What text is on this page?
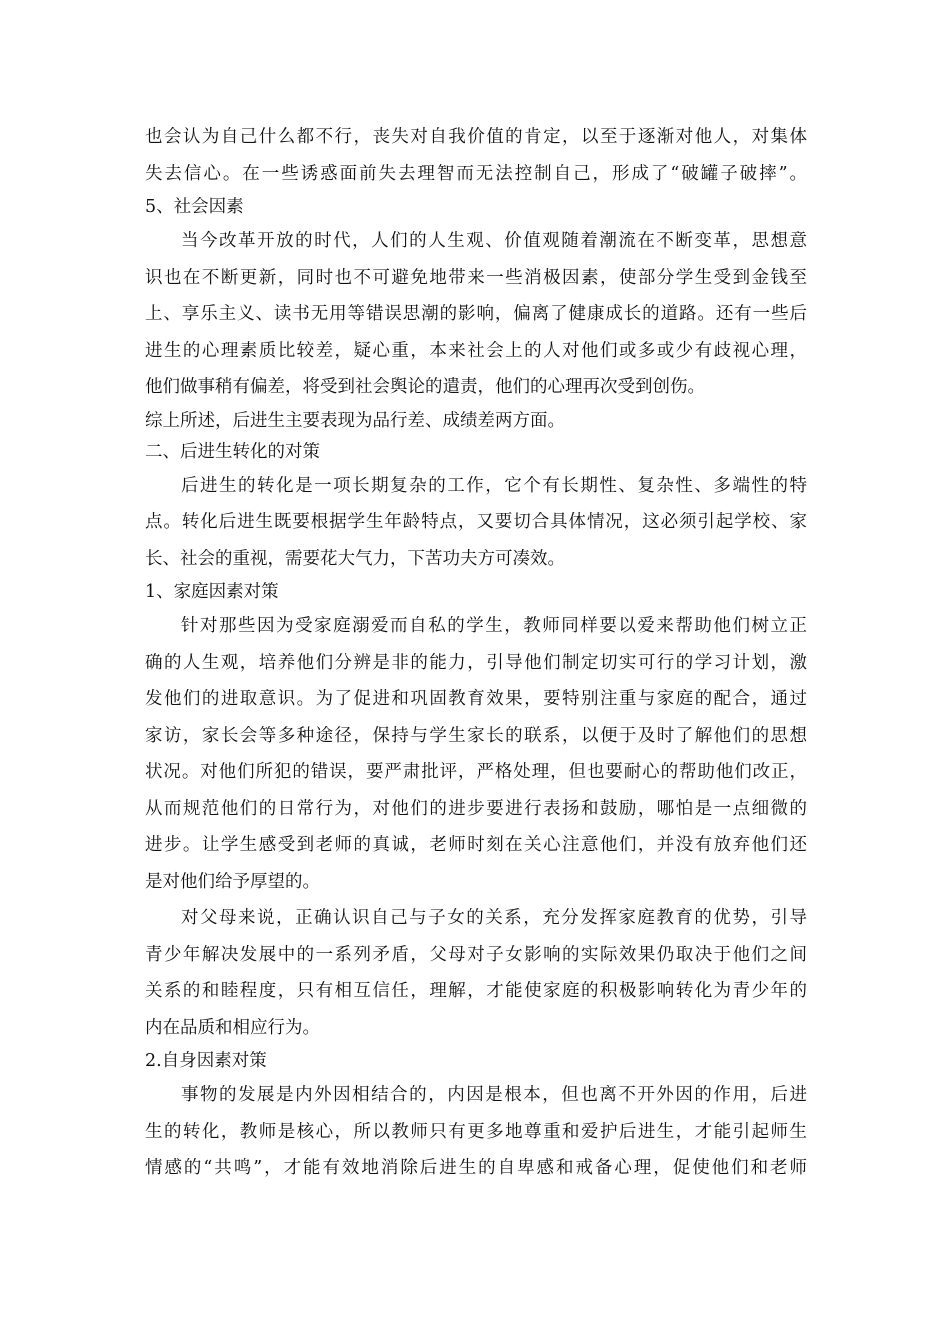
也会认为自己什么都不行，丧失对自我价值的肯定，以至于逐渐对他人，对集体
失去信心。在一些诱惑面前失去理智而无法控制自己，形成了“破罐子破摔”。
5、社会因素
当今改革开放的时代，人们的人生观、价值观随着潮流在不断变革，思想意
识也在不断更新，同时也不可避免地带来一些消极因素，使部分学生受到金钱至
上、享乐主义、读书无用等错误思潮的影响，偏离了健康成长的道路。还有一些后
进生的心理素质比较差，疑心重，本来社会上的人对他们或多或少有歧视心理，
他们做事稍有偏差，将受到社会舆论的遣责，他们的心理再次受到创伤。
综上所述，后进生主要表现为品行差、成绩差两方面。
二、后进生转化的对策
后进生的转化是一项长期复杂的工作，它个有长期性、复杂性、多端性的特
点。转化后进生既要根据学生年龄特点，又要切合具体情况，这必须引起学校、家
长、社会的重视，需要花大气力，下苦功夫方可凑效。
1、家庭因素对策
针对那些因为受家庭溺爱而自私的学生，教师同样要以爱来帮助他们树立正
确的人生观，培养他们分辨是非的能力，引导他们制定切实可行的学习计划，激
发他们的进取意识。为了促进和巩固教育效果，要特别注重与家庭的配合，通过
家访，家长会等多种途径，保持与学生家长的联系，以便于及时了解他们的思想
状况。对他们所犯的错误，要严肃批评，严格处理，但也要耐心的帮助他们改正，
从而规范他们的日常行为，对他们的进步要进行表扬和鼓励，哪怕是一点细微的
进步。让学生感受到老师的真诚，老师时刻在关心注意他们，并没有放弃他们还
是对他们给予厚望的。
对父母来说，正确认识自己与子女的关系，充分发挥家庭教育的优势，引导
青少年解决发展中的一系列矛盾，父母对子女影响的实际效果仍取决于他们之间
关系的和睦程度，只有相互信任，理解，才能使家庭的积极影响转化为青少年的
内在品质和相应行为。
2.自身因素对策
事物的发展是内外因相结合的，内因是根本，但也离不开外因的作用，后进
生的转化，教师是核心，所以教师只有更多地尊重和爱护后进生，才能引起师生
情感的“共鸣”，才能有效地消除后进生的自卑感和戒备心理，促使他们和老师
